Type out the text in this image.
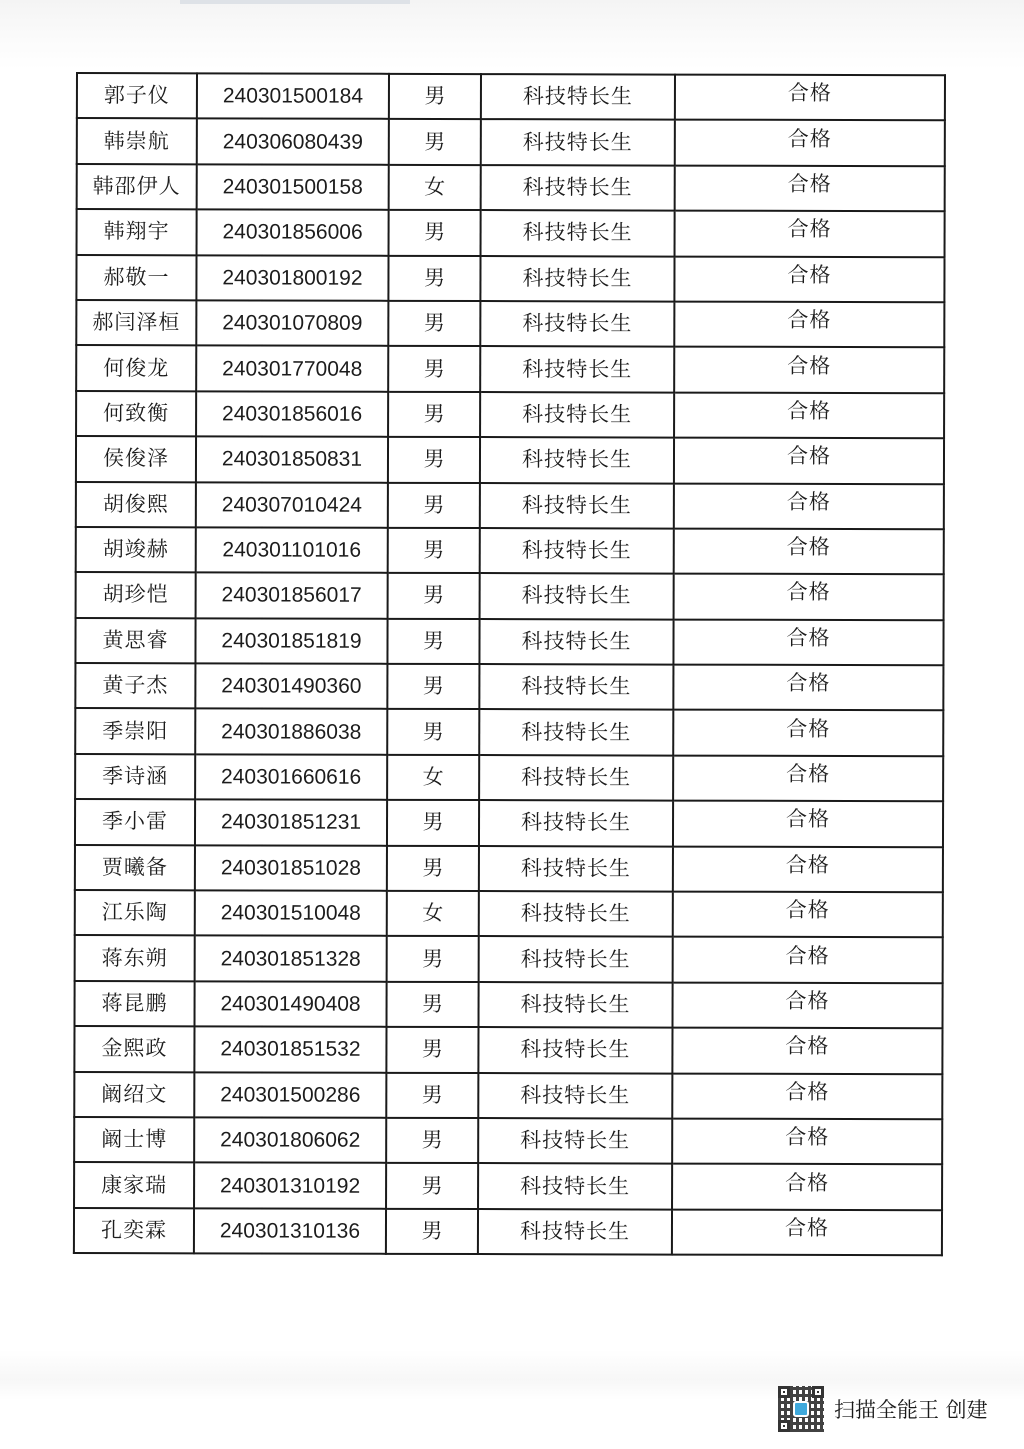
郭子仪	240301500184	男	科技特长生	合格
韩崇航	240306080439	男	科技特长生	合格
韩邵伊人	240301500158	女	科技特长生	合格
韩翔宇	240301856006	男	科技特长生	合格
郝敬一	240301800192	男	科技特长生	合格
郝闫泽桓	240301070809	男	科技特长生	合格
何俊龙	240301770048	男	科技特长生	合格
何致衡	240301856016	男	科技特长生	合格
侯俊泽	240301850831	男	科技特长生	合格
胡俊熙	240307010424	男	科技特长生	合格
胡竣赫	240301101016	男	科技特长生	合格
胡珍恺	240301856017	男	科技特长生	合格
黄思睿	240301851819	男	科技特长生	合格
黄子杰	240301490360	男	科技特长生	合格
季崇阳	240301886038	男	科技特长生	合格
季诗涵	240301660616	女	科技特长生	合格
季小雷	240301851231	男	科技特长生	合格
贾曦备	240301851028	男	科技特长生	合格
江乐陶	240301510048	女	科技特长生	合格
蒋东朔	240301851328	男	科技特长生	合格
蒋昆鹏	240301490408	男	科技特长生	合格
金熙政	240301851532	男	科技特长生	合格
阚绍文	240301500286	男	科技特长生	合格
阚士博	240301806062	男	科技特长生	合格
康家瑞	240301310192	男	科技特长生	合格
孔奕霖	240301310136	男	科技特长生	合格
扫描全能王 创建
